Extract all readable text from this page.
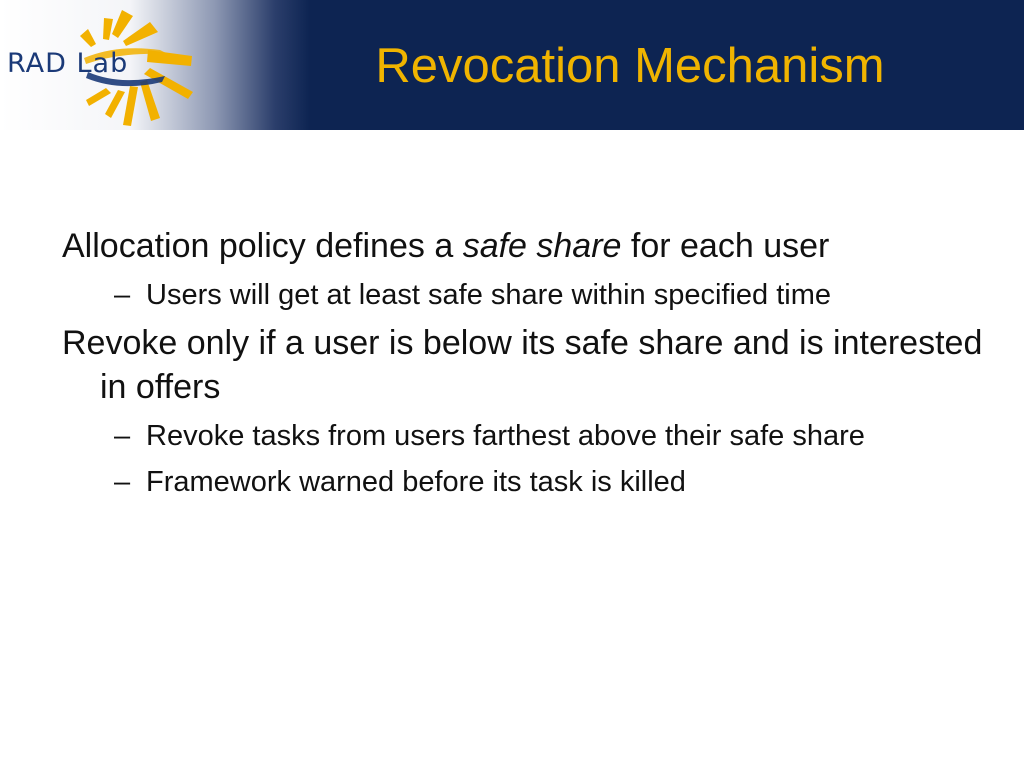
RAD Lab	Revocation Mechanism
Allocation policy defines a safe share for each user
– Users will get at least safe share within specified time
Revoke only if a user is below its safe share and is interested in offers
– Revoke tasks from users farthest above their safe share
– Framework warned before its task is killed
